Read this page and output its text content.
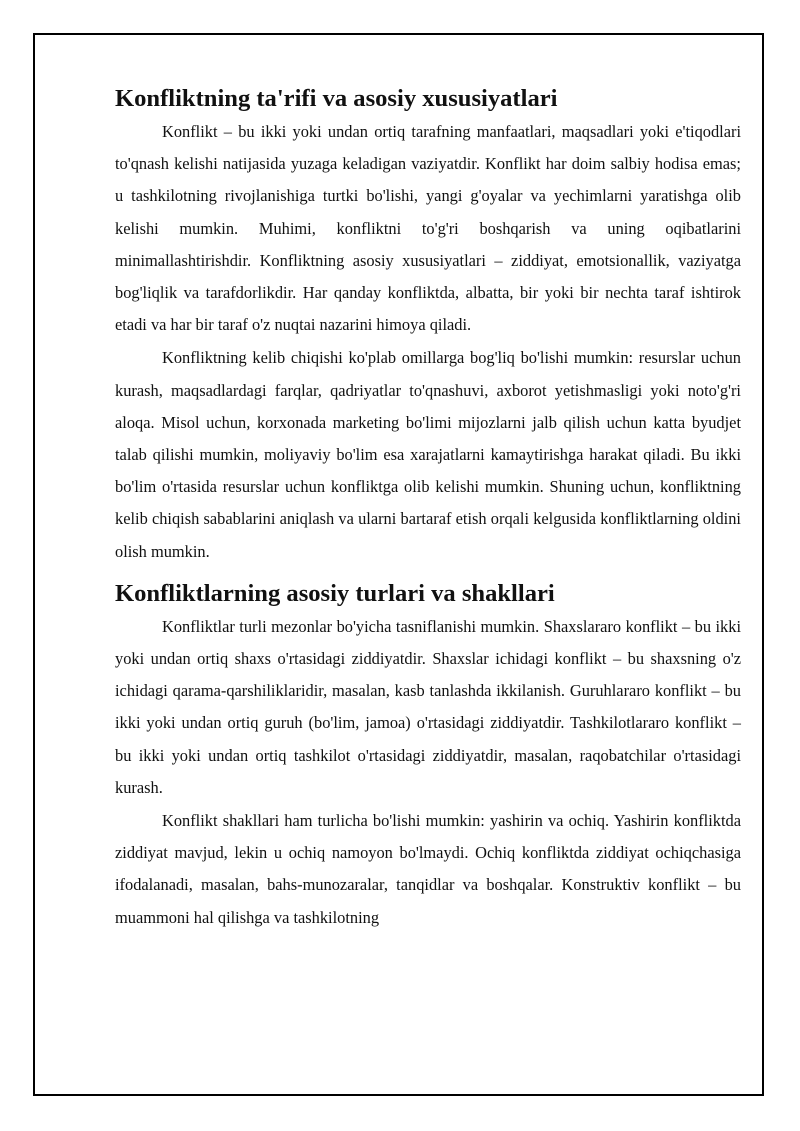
Konfliktning ta'rifi va asosiy xususiyatlari

Konflikt – bu ikki yoki undan ortiq tarafning manfaatlari, maqsadlari yoki e'tiqodlari to'qnash kelishi natijasida yuzaga keladigan vaziyatdir. Konflikt har doim salbiy hodisa emas; u tashkilotning rivojlanishiga turtki bo'lishi, yangi g'oyalar va yechimlarni yaratishga olib kelishi mumkin. Muhimi, konfliktni to'g'ri boshqarish va uning oqibatlarini minimallashtirishdir. Konfliktning asosiy xususiyatlari – ziddiyat, emotsionallik, vaziyatga bog'liqlik va tarafdorlikdir. Har qanday konfliktda, albatta, bir yoki bir nechta taraf ishtirok etadi va har bir taraf o'z nuqtai nazarini himoya qiladi.

Konfliktning kelib chiqishi ko'plab omillarga bog'liq bo'lishi mumkin: resurslar uchun kurash, maqsadlardagi farqlar, qadriyatlar to'qnashuvi, axborot yetishmasligi yoki noto'g'ri aloqa. Misol uchun, korxonada marketing bo'limi mijozlarni jalb qilish uchun katta byudjet talab qilishi mumkin, moliyaviy bo'lim esa xarajatlarni kamaytirishga harakat qiladi. Bu ikki bo'lim o'rtasida resurslar uchun konfliktga olib kelishi mumkin. Shuning uchun, konfliktning kelib chiqish sabablarini aniqlash va ularni bartaraf etish orqali kelgusida konfliktlarning oldini olish mumkin.

Konfliktlarning asosiy turlari va shakllari

Konfliktlar turli mezonlar bo'yicha tasniflanishi mumkin. Shaxslararo konflikt – bu ikki yoki undan ortiq shaxs o'rtasidagi ziddiyatdir. Shaxslar ichidagi konflikt – bu shaxsning o'z ichidagi qarama-qarshiliklaridir, masalan, kasb tanlashda ikkilanish. Guruhlararo konflikt – bu ikki yoki undan ortiq guruh (bo'lim, jamoa) o'rtasidagi ziddiyatdir. Tashkilotlararo konflikt – bu ikki yoki undan ortiq tashkilot o'rtasidagi ziddiyatdir, masalan, raqobatchilar o'rtasidagi kurash.

Konflikt shakllari ham turlicha bo'lishi mumkin: yashirin va ochiq. Yashirin konfliktda ziddiyat mavjud, lekin u ochiq namoyon bo'lmaydi. Ochiq konfliktda ziddiyat ochiqchasiga ifodalanadi, masalan, bahs-munozaralar, tanqidlar va boshqalar. Konstruktiv konflikt – bu muammoni hal qilishga va tashkilotning
